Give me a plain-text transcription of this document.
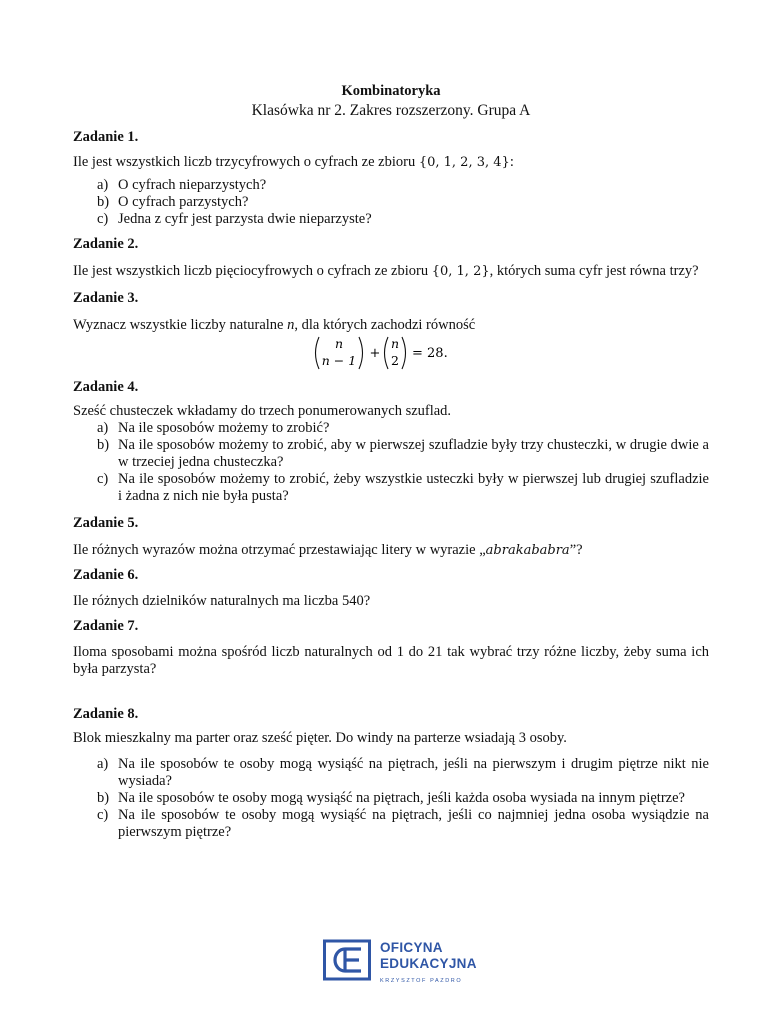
Kombinatoryka

Klasówka nr 2. Zakres rozszerzony. Grupa A

Zadanie 1.

Ile jest wszystkich liczb trzycyfrowych o cyfrach ze zbioru {0, 1, 2, 3, 4}:

a) O cyfrach nieparzystych?
b) O cyfrach parzystych?
c) Jedna z cyfr jest parzysta dwie nieparzyste?

Zadanie 2.

Ile jest wszystkich liczb pięciocyfrowych o cyfrach ze zbioru {0, 1, 2}, których suma cyfr jest równa trzy?

Zadanie 3.

Wyznacz wszystkie liczby naturalne n, dla których zachodzi równość

n
n − 1 +
n
2 = 28.

Zadanie 4.

Sześć chusteczek wkładamy do trzech ponumerowanych szuflad.

a) Na ile sposobów możemy to zrobić?
b) Na ile sposobów możemy to zrobić, aby w pierwszej szufladzie były trzy chusteczki, w drugie dwie a w trzeciej jedna chusteczka?
c) Na ile sposobów możemy to zrobić, żeby wszystkie usteczki były w pierwszej lub drugiej szufladzie i żadna z nich nie była pusta?

Zadanie 5.

Ile różnych wyrazów można otrzymać przestawiając litery w wyrazie „abrakababra”?

Zadanie 6.

Ile różnych dzielników naturalnych ma liczba 540?

Zadanie 7.

Iloma sposobami można spośród liczb naturalnych od 1 do 21 tak wybrać trzy różne liczby, żeby suma ich była parzysta?

Zadanie 8.

Blok mieszkalny ma parter oraz sześć pięter. Do windy na parterze wsiadają 3 osoby.

a) Na ile sposobów te osoby mogą wysiąść na piętrach, jeśli na pierwszym i drugim piętrze nikt nie wysiada?
b) Na ile sposobów te osoby mogą wysiąść na piętrach, jeśli każda osoba wysiada na innym piętrze?
c) Na ile sposobów te osoby mogą wysiąść na piętrach, jeśli co najmniej jedna osoba wysiądzie na pierwszym piętrze?
OFICYNA
EDUKACYJNA
KRZYSZTOF PAZDRO
